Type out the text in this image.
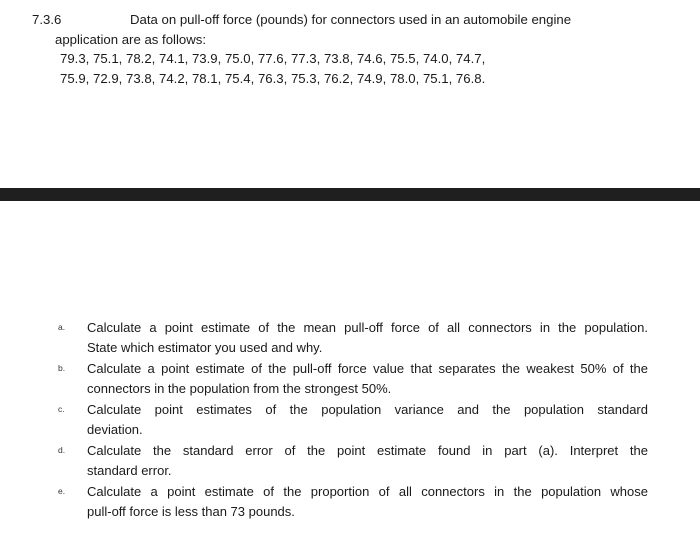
7.3.6	Data on pull-off force (pounds) for connectors used in an automobile engine
application are as follows:
79.3, 75.1, 78.2, 74.1, 73.9, 75.0, 77.6, 77.3, 73.8, 74.6, 75.5, 74.0, 74.7,
75.9, 72.9, 73.8, 74.2, 78.1, 75.4, 76.3, 75.3, 76.2, 74.9, 78.0, 75.1, 76.8.
a.	Calculate a point estimate of the mean pull-off force of all connectors in the population.
State which estimator you used and why.
b.	Calculate a point estimate of the pull-off force value that separates the weakest 50% of the
connectors in the population from the strongest 50%.
c.	Calculate point estimates of the population variance and the population standard
deviation.
d.	Calculate the standard error of the point estimate found in part (a). Interpret the
standard error.
e.	Calculate a point estimate of the proportion of all connectors in the population whose
pull-off force is less than 73 pounds.
